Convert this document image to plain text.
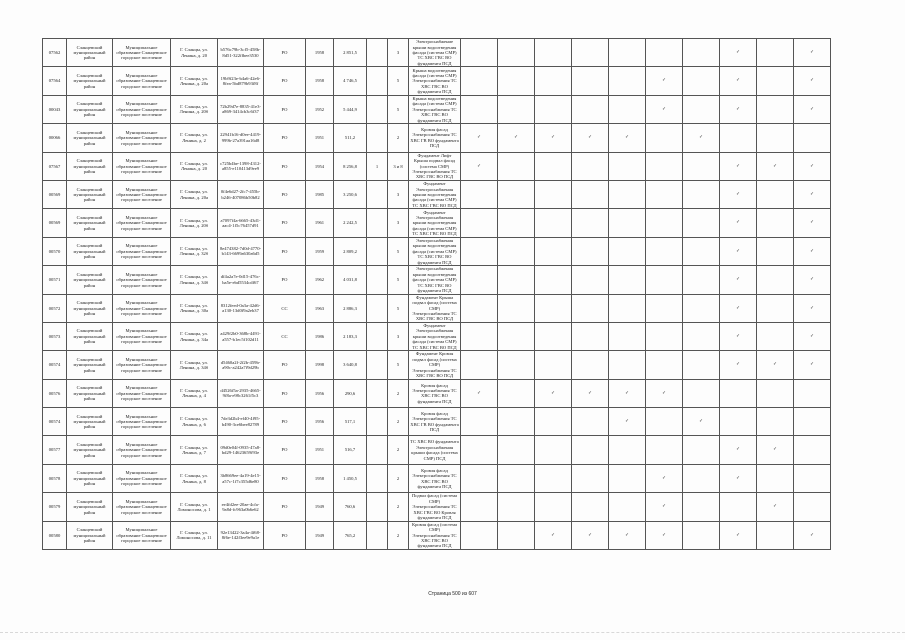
07562	Сланцевский муниципальный район	Муниципальное образование Сланцевское городское поселение	Г. Сланцы, ул. Ленина, д. 20	b576c79b-3cf5-458b-8d51-322ffbee3530	РО	1958	2 851,5		3	Электроснабжение крыши водоотведения фасада (система СМР) ТС ХВС ГВС ВО фундамента ПСД								✓		✓
07564	Сланцевский муниципальный район	Муниципальное образование Сланцевское городское поселение	Г. Сланцы, ул. Ленина, д. 20а	19b9f23e-b4a6-42e6-8fea-5bd879b93f8f	РО	1958	4 746,5		5	Крыша водоотведения фасада (система СМР) Электроснабжения ТС ХВС ГВС ВО фундамента ПСД						✓		✓		✓
00043	Сланцевский муниципальный район	Муниципальное образование Сланцевское городское поселение	Г. Сланцы, ул. Ленина, д. 20б	72b29d7e-8835-41e3-a869-3414cb3c6f37	РО	1952	5 444,9		5	Крыша водоотведения фасада (система СМР) Электроснабжения ТС ХВС ГВС ВО фундамента ПСД						✓		✓		✓
00066	Сланцевский муниципальный район	Муниципальное образование Сланцевское городское поселение	Г. Сланцы, ул. Ленина, д. 2	22941b16-d0ee-4419-999b-27a391aa16d8	РО	1951	511,2		2	Кровля фасад Электроснабжения ТС ХВС ГВ ВО фундамента ПСД	✓	✓	✓	✓	✓		✓			
07567	Сланцевский муниципальный район	Муниципальное образование Сланцевское городское поселение	Г. Сланцы, ул. Ленина, д. 20	c725b4be-1398-4312-a855-e110413d9ee9	РО	1954	8 256,8	1	3 и 8	Фундамент Лифт Крыша подвал фасад (система СМР) Электроснабжения ТС ХВС ГВС ВО ПСД	✓							✓	✓	✓
00569	Сланцевский муниципальный район	Муниципальное образование Сланцевское городское поселение	Г. Сланцы, ул. Ленина, д. 20а	0f4e6d27-2fc7-455b-b246-407086b50b82	РО	1985	3 250,6		3	Фундамент Электроснабжения крыши водоотведения фасада (система СМР) ТС ХВС ГВС ВО ПСД								✓		✓
00569	Сланцевский муниципальный район	Муниципальное образование Сланцевское городское поселение	Г. Сланцы, ул. Ленина, д. 20б	a7097f4a-6665-43d1-aac4-1f5c76457d91	РО	1961	2 242,5		3	Фундамент Электроснабжения крыши водоотведения фасада (система СМР) ТС ХВС ГВС ВО ПСД								✓		✓
00570	Сланцевский муниципальный район	Муниципальное образование Сланцевское городское поселение	Г. Сланцы, ул. Ленина, д. 32б	8e474382-7d0d-4770-b143-6699a630a6d5	РО	1959	2 809,2		5	Электроснабжения крыши водоотведения фасада (система СМР) ТС ХВС ГВС ВО фундамента ПСД								✓		✓
00571	Сланцевский муниципальный район	Муниципальное образование Сланцевское городское поселение	Г. Сланцы, ул. Ленина, д. 34б	df4a2a7e-0d15-476c-ba5e-ebd5534cdf67	РО	1962	4 031,8		5	Электроснабжения крыши водоотведения фасада (система СМР) ТС ХВС ГВС ВО фундамента ПСД								✓		✓
00572	Сланцевский муниципальный район	Муниципальное образование Сланцевское городское поселение	Г. Сланцы, ул. Ленина, д. 30а	8312feed-0a3a-42d6-a130-13d0f9a2eb37	СС	1963	2 886,3		5	Фундамент Крыша подвал фасад (система СМР) Электроснабжения ТС ХВС ГВС ВО ПСД								✓		✓
00573	Сланцевский муниципальный район	Муниципальное образование Сланцевское городское поселение	Г. Сланцы, ул. Ленина, д. 34а	a429f2b0-368b-4491-a557-b1ec5f102d11	СС	1986	2 183,3		3	Фундамент Электроснабжения крыши водоотведения фасада (система СМР) ТС ХВС ГВС ВО ПСД								✓		✓
00574	Сланцевский муниципальный район	Муниципальное образование Сланцевское городское поселение	Г. Сланцы, ул. Ленина, д. 34б	d5460a2f-2f2b-459b-a90c-a242a7f9d29b	РО	1998	3 640,8		5	Фундамент Кровля подвал фасад (система СМР) Электроснабжения ТС ХВС ГВС ВО ПСД								✓	✓	✓
00576	Сланцевский муниципальный район	Муниципальное образование Сланцевское городское поселение	Г. Сланцы, ул. Ленина, д. 4	d4526f5a-2935-4665-9f8a-e98c3261f5c3	РО	1956	290,6		2	Кровля фасад Электроснабжения ТС ХВС ГВС ВО фундамента ПСД	✓		✓	✓	✓	✓				
00574	Сланцевский муниципальный район	Муниципальное образование Сланцевское городское поселение	Г. Сланцы, ул. Ленина, д. 6	7de3d2b4-ef40-4f95-b490-3ce6bee82789	РО	1956	517,1		2	Кровля фасад Электроснабжения ТС ХВС ГВ ВО фундамента ПСД					✓		✓			
00577	Сланцевский муниципальный район	Муниципальное образование Сланцевское городское поселение	Г. Сланцы, ул. Ленина, д. 7	09d0e04f-0935-47a8-bd29-14623659f93e	РО	1951	516,7		2	ТС ХВС ВО фундамента Электроснабжения крыши фасада (система СМР) ПСД								✓	✓	
00578	Сланцевский муниципальный район	Муниципальное образование Сланцевское городское поселение	Г. Сланцы, ул. Ленина, д. 8	3b8669ee-4a19-4e15-a57c-1f7c355d6e80	РО	1958	1 450,5		2	Кровля фасад Электроснабжения ТС ХВС ГВС ВО фундамента ПСД						✓		✓		
00579	Сланцевский муниципальный район	Муниципальное образование Сланцевское городское поселение	Г. Сланцы, ул. Ломоносова, д. 1	ee4fd2ee-20ae-4cfa-9a8d-fc963a0b6e62	РО	1949	760,6		2	Подвал фасад (система СМР) Электроснабжения ТС ХВС ГВС ВО Кровля фундамента ПСД						✓			✓	
00580	Сланцевский муниципальный район	Муниципальное образование Сланцевское городское поселение	Г. Сланцы, ул. Ломоносова, д. 11	92e13422-3a4a-4f68-8f6e-142f3ee9e9a1e	РО	1949	765,2		2	Кровля фасад (система СМР) Электроснабжения ТС ХВС ГВС ВО фундамента ПСД			✓	✓	✓	✓		✓		✓
Страница 500 из 607
